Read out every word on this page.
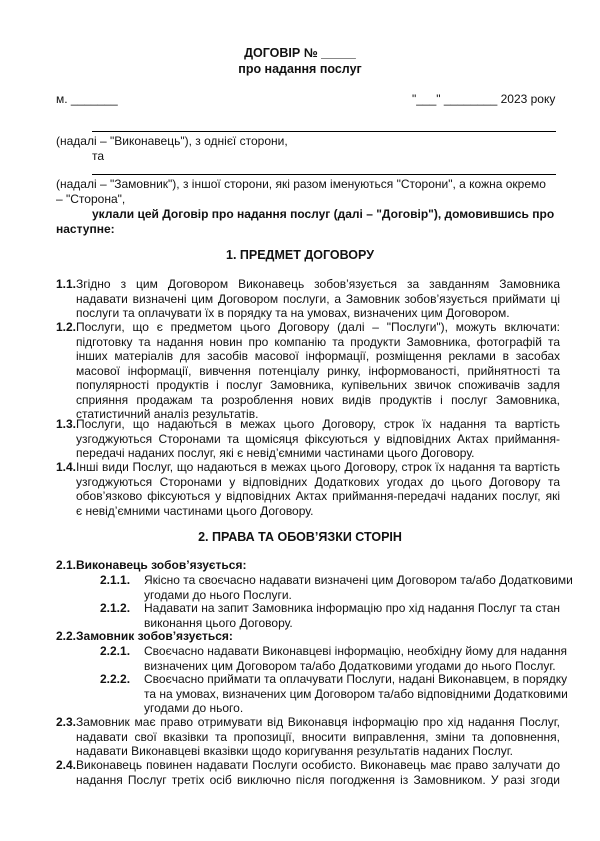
ДОГОВІР № _____
про надання послуг
м. _______	"___" ________ 2023 року
(надалі – "Виконавець"), з однієї сторони,
та
(надалі – "Замовник"), з іншої сторони, які разом іменуються "Сторони", а кожна окремо
– "Сторона",
уклали цей Договір про надання послуг (далі – "Договір"), домовившись про
наступне:
1. ПРЕДМЕТ ДОГОВОРУ
1.1. Згідно з цим Договором Виконавець зобов’язується за завданням Замовника
надавати визначені цим Договором послуги, а Замовник зобов’язується приймати ці
послуги та оплачувати їх в порядку та на умовах, визначених цим Договором.
1.2. Послуги, що є предметом цього Договору (далі – "Послуги"), можуть включати:
підготовку та надання новин про компанію та продукти Замовника, фотографій та
інших матеріалів для засобів масової інформації, розміщення реклами в засобах
масової інформації, вивчення потенціалу ринку, інформованості, прийнятності та
популярності продуктів і послуг Замовника, купівельних звичок споживачів задля
сприяння продажам та розроблення нових видів продуктів і послуг Замовника,
статистичний аналіз результатів.
1.3. Послуги, що надаються в межах цього Договору, строк їх надання та вартість
узгоджуються Сторонами та щомісяця фіксуються у відповідних Актах приймання-
передачі наданих послуг, які є невід’ємними частинами цього Договору.
1.4. Інші види Послуг, що надаються в межах цього Договору, строк їх надання та вартість
узгоджуються Сторонами у відповідних Додаткових угодах до цього Договору та
обов’язково фіксуються у відповідних Актах приймання-передачі наданих послуг, які
є невід’ємними частинами цього Договору.
2. ПРАВА ТА ОБОВ’ЯЗКИ СТОРІН
2.1. Виконавець зобов’язується:
2.1.1. Якісно та своєчасно надавати визначені цим Договором та/або Додатковими
угодами до нього Послуги.
2.1.2. Надавати на запит Замовника інформацію про хід надання Послуг та стан
виконання цього Договору.
2.2. Замовник зобов’язується:
2.2.1. Своєчасно надавати Виконавцеві інформацію, необхідну йому для надання
визначених цим Договором та/або Додатковими угодами до нього Послуг.
2.2.2. Своєчасно приймати та оплачувати Послуги, надані Виконавцем, в порядку
та на умовах, визначених цим Договором та/або відповідними Додатковими
угодами до нього.
2.3. Замовник має право отримувати від Виконавця інформацію про хід надання Послуг,
надавати свої вказівки та пропозиції, вносити виправлення, зміни та доповнення,
надавати Виконавцеві вказівки щодо коригування результатів наданих Послуг.
2.4. Виконавець повинен надавати Послуги особисто. Виконавець має право залучати до
надання Послуг третіх осіб виключно після погодження із Замовником. У разі згоди
